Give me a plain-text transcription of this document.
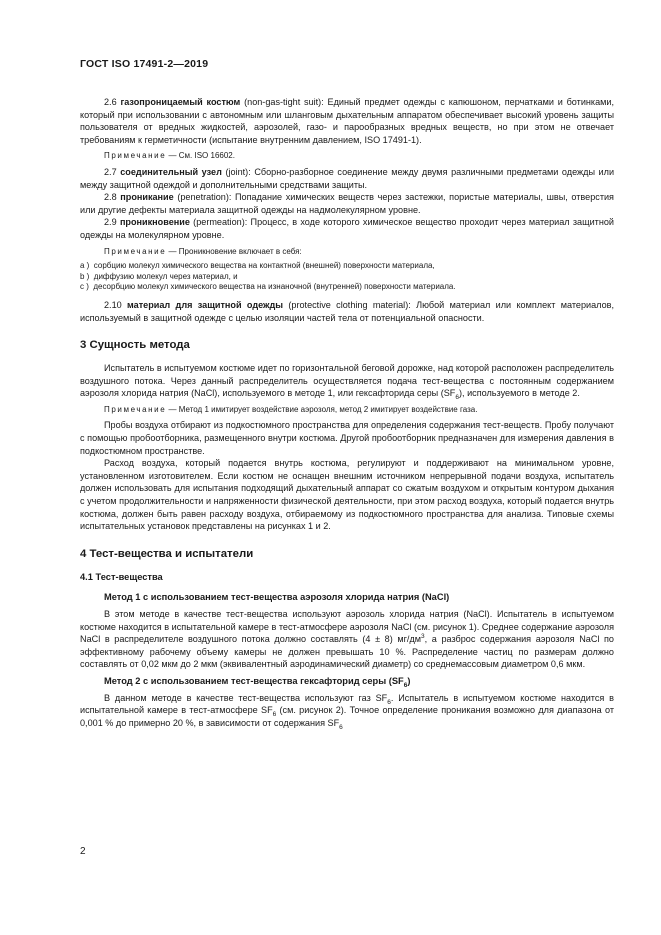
ГОСТ ISO 17491-2—2019

2.6 газопроницаемый костюм (non-gas-tight suit): Единый предмет одежды с капюшоном, перчатками и ботинками, который при использовании с автономным или шланговым дыхательным аппаратом обеспечивает высокий уровень защиты пользователя от вредных жидкостей, аэрозолей, газо- и парообразных вредных веществ, но при этом не отвечает требованиям к герметичности (испытание внутренним давлением, ISO 17491-1).

Примечание — См. ISO 16602.

2.7 соединительный узел (joint): Сборно-разборное соединение между двумя различными предметами одежды или между защитной одеждой и дополнительными средствами защиты.

2.8 проникание (penetration): Попадание химических веществ через застежки, пористые материалы, швы, отверстия или другие дефекты материала защитной одежды на надмолекулярном уровне.

2.9 проникновение (permeation): Процесс, в ходе которого химическое вещество проходит через материал защитной одежды на молекулярном уровне.

Примечание — Проникновение включает в себя:

a ) сорбцию молекул химического вещества на контактной (внешней) поверхности материала,

b ) диффузию молекул через материал, и

c ) десорбцию молекул химического вещества на изнаночной (внутренней) поверхности материала.

2.10 материал для защитной одежды (protective clothing material): Любой материал или комплект материалов, используемый в защитной одежде с целью изоляции частей тела от потенциальной опасности.

3 Сущность метода

Испытатель в испытуемом костюме идет по горизонтальной беговой дорожке, над которой расположен распределитель воздушного потока. Через данный распределитель осуществляется подача тест-вещества с постоянным содержанием аэрозоля хлорида натрия (NaCl), используемого в методе 1, или гексафторида серы $(SF_6)$, используемого в методе 2.

Примечание — Метод 1 имитирует воздействие аэрозоля, метод 2 имитирует воздействие газа.

Пробы воздуха отбирают из подкостюмного пространства для определения содержания тест-веществ. Пробу получают с помощью пробоотборника, размещенного внутри костюма. Другой пробоотборник предназначен для измерения давления в подкостюмном пространстве.

Расход воздуха, который подается внутрь костюма, регулируют и поддерживают на минимальном уровне, установленном изготовителем. Если костюм не оснащен внешним источником непрерывной подачи воздуха, испытатель должен использовать для испытания подходящий дыхательный аппарат со сжатым воздухом и открытым контуром дыхания с учетом продолжительности и напряженности физической деятельности, при этом расход воздуха, который подается внутрь костюма, должен быть равен расходу воздуха, отбираемому из подкостюмного пространства для анализа. Типовые схемы испытательных установок представлены на рисунках 1 и 2.

4 Тест-вещества и испытатели
4.1 Тест-вещества
Метод 1 с использованием тест-вещества аэрозоля хлорида натрия (NaCl)

В этом методе в качестве тест-вещества используют аэрозоль хлорида натрия (NaCl). Испытатель в испытуемом костюме находится в испытательной камере в тест-атмосфере аэрозоля NaCl (см. рисунок 1). Среднее содержание аэрозоля NaCl в распределителе воздушного потока должно составлять (4 ± 8) $мг/дм^3$, а разброс содержания аэрозоля NaCl по эффективному рабочему объему камеры не должен превышать 10 %. Распределение частиц по размерам должно составлять от 0,02 мкм до 2 мкм (эквивалентный аэродинамический диаметр) со среднемассовым диаметром 0,6 мкм.

Метод 2 с использованием тест-вещества гексафторид серы $(SF_6)$

В данном методе в качестве тест-вещества используют газ $SF_6$. Испытатель в испытуемом костюме находится в испытательной камере в тест-атмосфере $SF_6$ (см. рисунок 2). Точное определение проникания возможно для диапазона от 0,001 % до примерно 20 %, в зависимости от содержания $SF_6$

2
